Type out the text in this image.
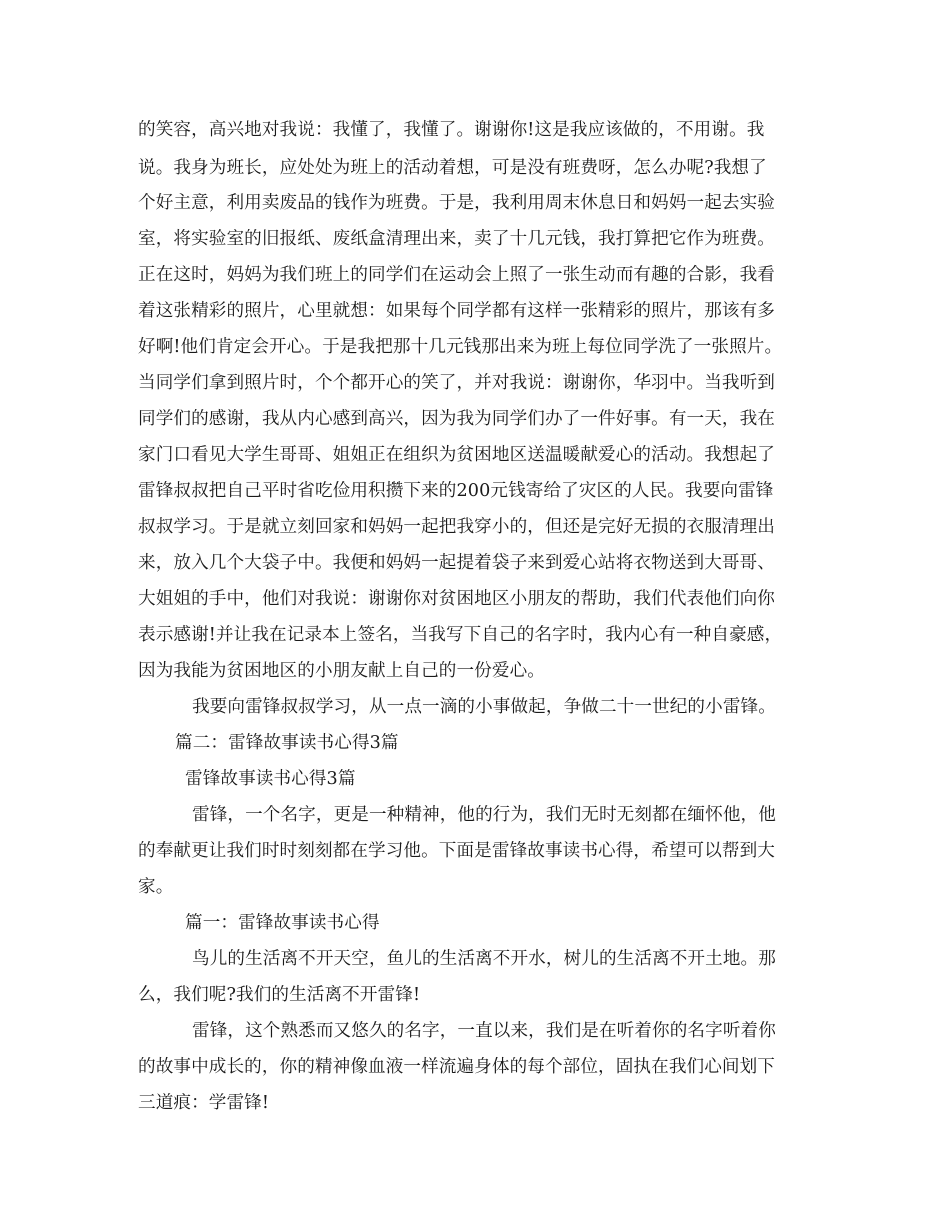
的笑容，高兴地对我说：我懂了，我懂了。谢谢你!这是我应该做的，不用谢。我
说。我身为班长，应处处为班上的活动着想，可是没有班费呀，怎么办呢?我想了
个好主意，利用卖废品的钱作为班费。于是，我利用周末休息日和妈妈一起去实验
室，将实验室的旧报纸、废纸盒清理出来，卖了十几元钱，我打算把它作为班费。
正在这时，妈妈为我们班上的同学们在运动会上照了一张生动而有趣的合影，我看
着这张精彩的照片，心里就想：如果每个同学都有这样一张精彩的照片，那该有多
好啊!他们肯定会开心。于是我把那十几元钱那出来为班上每位同学洗了一张照片。
当同学们拿到照片时，个个都开心的笑了，并对我说：谢谢你，华羽中。当我听到
同学们的感谢，我从内心感到高兴，因为我为同学们办了一件好事。有一天，我在
家门口看见大学生哥哥、姐姐正在组织为贫困地区送温暖献爱心的活动。我想起了
雷锋叔叔把自己平时省吃俭用积攒下来的200元钱寄给了灾区的人民。我要向雷锋
叔叔学习。于是就立刻回家和妈妈一起把我穿小的，但还是完好无损的衣服清理出
来，放入几个大袋子中。我便和妈妈一起提着袋子来到爱心站将衣物送到大哥哥、
大姐姐的手中，他们对我说：谢谢你对贫困地区小朋友的帮助，我们代表他们向你
表示感谢!并让我在记录本上签名，当我写下自己的名字时，我内心有一种自豪感，
因为我能为贫困地区的小朋友献上自己的一份爱心。
我要向雷锋叔叔学习，从一点一滴的小事做起，争做二十一世纪的小雷锋。
篇二：雷锋故事读书心得3篇
雷锋故事读书心得3篇
雷锋，一个名字，更是一种精神，他的行为，我们无时无刻都在缅怀他，他
的奉献更让我们时时刻刻都在学习他。下面是雷锋故事读书心得，希望可以帮到大
家。
篇一：雷锋故事读书心得
鸟儿的生活离不开天空，鱼儿的生活离不开水，树儿的生活离不开土地。那
么，我们呢?我们的生活离不开雷锋!
雷锋，这个熟悉而又悠久的名字，一直以来，我们是在听着你的名字听着你
的故事中成长的，你的精神像血液一样流遍身体的每个部位，固执在我们心间划下
三道痕：学雷锋!
